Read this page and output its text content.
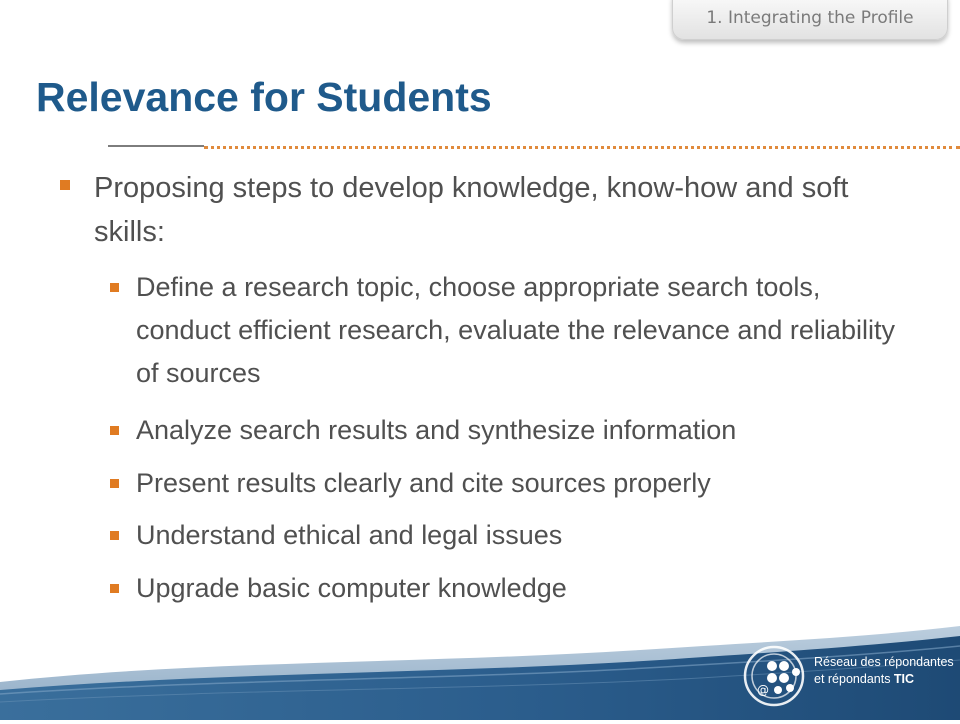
1. Integrating the Profile
Relevance for Students
Proposing steps to develop knowledge, know-how and soft skills:
Define a research topic, choose appropriate search tools, conduct efficient research, evaluate the relevance and reliability of sources
Analyze search results and synthesize information
Present results clearly and cite sources properly
Understand ethical and legal issues
Upgrade basic computer knowledge
@
Réseau des répondantes
et répondants TIC
